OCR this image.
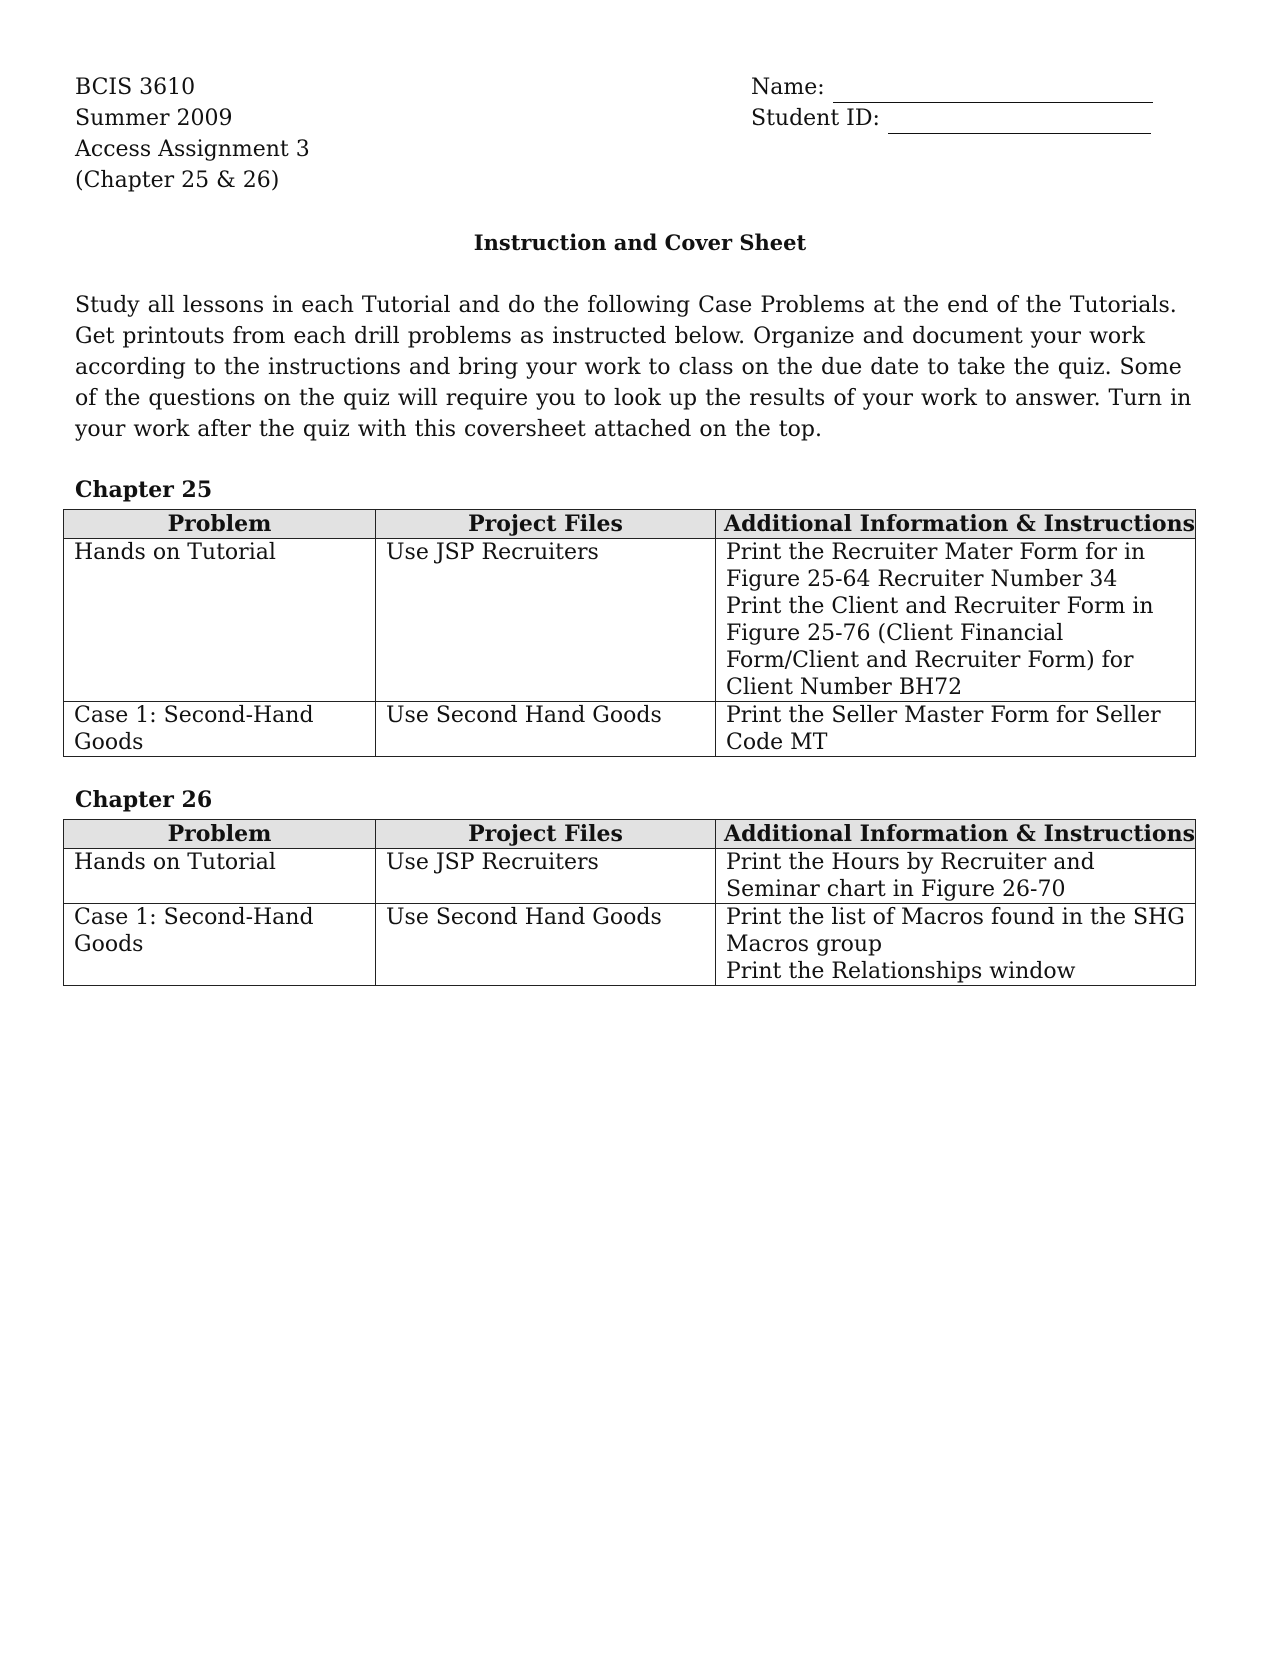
BCIS 3610
Summer 2009
Access Assignment 3
(Chapter 25 & 26)
Name:
Student ID:
Instruction and Cover Sheet
Study all lessons in each Tutorial and do the following Case Problems at the end of the Tutorials. Get printouts from each drill problems as instructed below. Organize and document your work according to the instructions and bring your work to class on the due date to take the quiz. Some of the questions on the quiz will require you to look up the results of your work to answer. Turn in your work after the quiz with this coversheet attached on the top.
Chapter 25
Problem	Project Files	Additional Information & Instructions
Hands on Tutorial	Use JSP Recruiters	Print the Recruiter Mater Form for in Figure 25-64 Recruiter Number 34
Print the Client and Recruiter Form in Figure 25-76 (Client Financial Form/Client and Recruiter Form) for Client Number BH72

Case 1: Second-Hand Goods	Use Second Hand Goods	Print the Seller Master Form for Seller Code MT
Chapter 26
Problem	Project Files	Additional Information & Instructions
Hands on Tutorial	Use JSP Recruiters	Print the Hours by Recruiter and Seminar chart in Figure 26-70

Case 1: Second-Hand Goods	Use Second Hand Goods	Print the list of Macros found in the SHG Macros group
Print the Relationships window
